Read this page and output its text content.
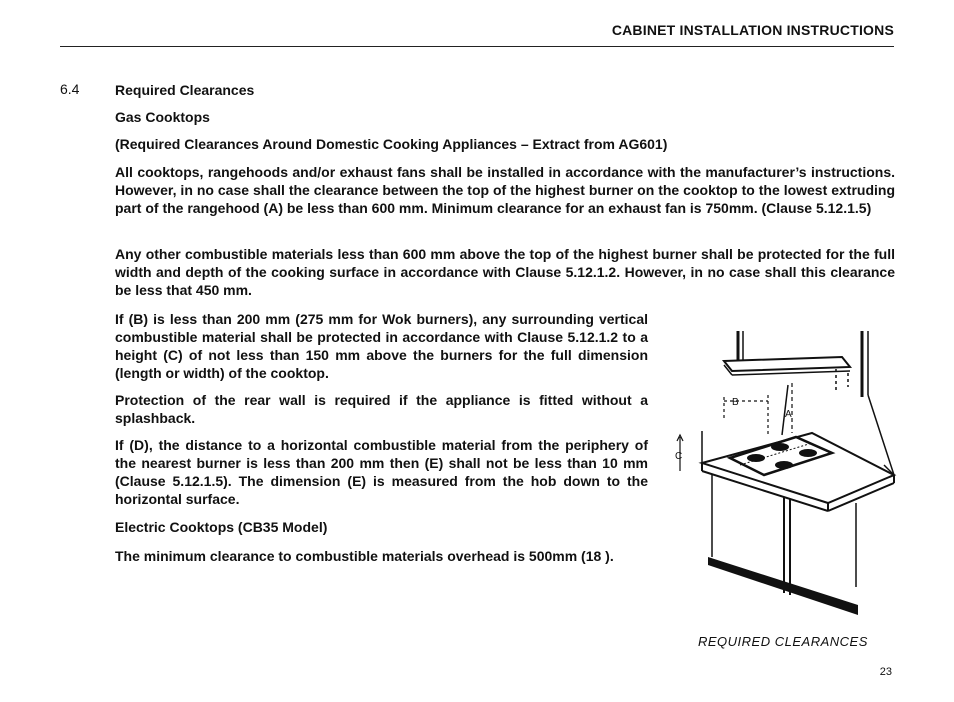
CABINET INSTALLATION INSTRUCTIONS
6.4	Required Clearances

Gas Cooktops

(Required Clearances Around Domestic Cooking Appliances – Extract from AG601)

All cooktops, rangehoods and/or exhaust fans shall be installed in accordance with the manufacturer’s instructions. However, in no case shall the clearance between the top of the highest burner on the cooktop to the lowest extruding part of the rangehood (A) be less than 600 mm. Minimum clearance for an exhaust fan is 750mm. (Clause 5.12.1.5)

Any other combustible materials less than 600 mm above the top of the highest burner shall be protected for the full width and depth of the cooking surface in accordance with Clause 5.12.1.2. However, in no case shall this clearance be less that 450 mm.

If (B) is less than 200 mm (275 mm for Wok burners), any surrounding vertical combustible material shall be protected in accordance with Clause 5.12.1.2 to a height (C) of not less than 150 mm above the burners for the full dimension (length or width) of the cooktop.

Protection of the rear wall is required if the appliance is fitted without a splashback.

If (D), the distance to a horizontal combustible material from the periphery of the nearest burner is less than 200 mm then (E) shall not be less than 10 mm (Clause 5.12.1.5). The dimension (E) is measured from the hob down to the horizontal surface.

Electric Cooktops (CB35 Model)

The minimum clearance to combustible materials overhead is 500mm (18 ).

A
B
C
REQUIRED CLEARANCES
23
